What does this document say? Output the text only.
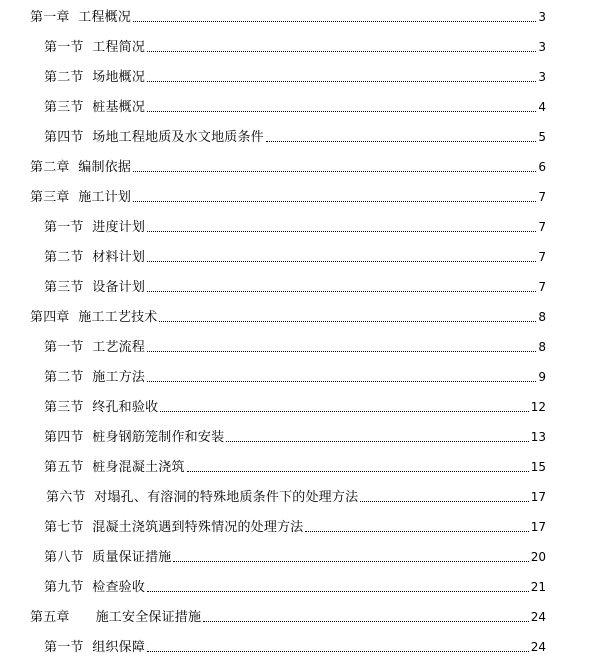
第一章  工程概况	3
第一节  工程简况	3
第二节  场地概况	3
第三节  桩基概况	4
第四节  场地工程地质及水文地质条件	5
第二章  编制依据	6
第三章  施工计划	7
第一节  进度计划	7
第二节  材料计划	7
第三节  设备计划	7
第四章  施工工艺技术	8
第一节  工艺流程	8
第二节  施工方法	9
第三节  终孔和验收	12
第四节  桩身钢筋笼制作和安装	13
第五节  桩身混凝土浇筑	15
第六节  对塌孔、有溶洞的特殊地质条件下的处理方法	17
第七节  混凝土浇筑遇到特殊情况的处理方法	17
第八节  质量保证措施	20
第九节  检查验收	21
第五章      施工安全保证措施	24
第一节  组织保障	24
